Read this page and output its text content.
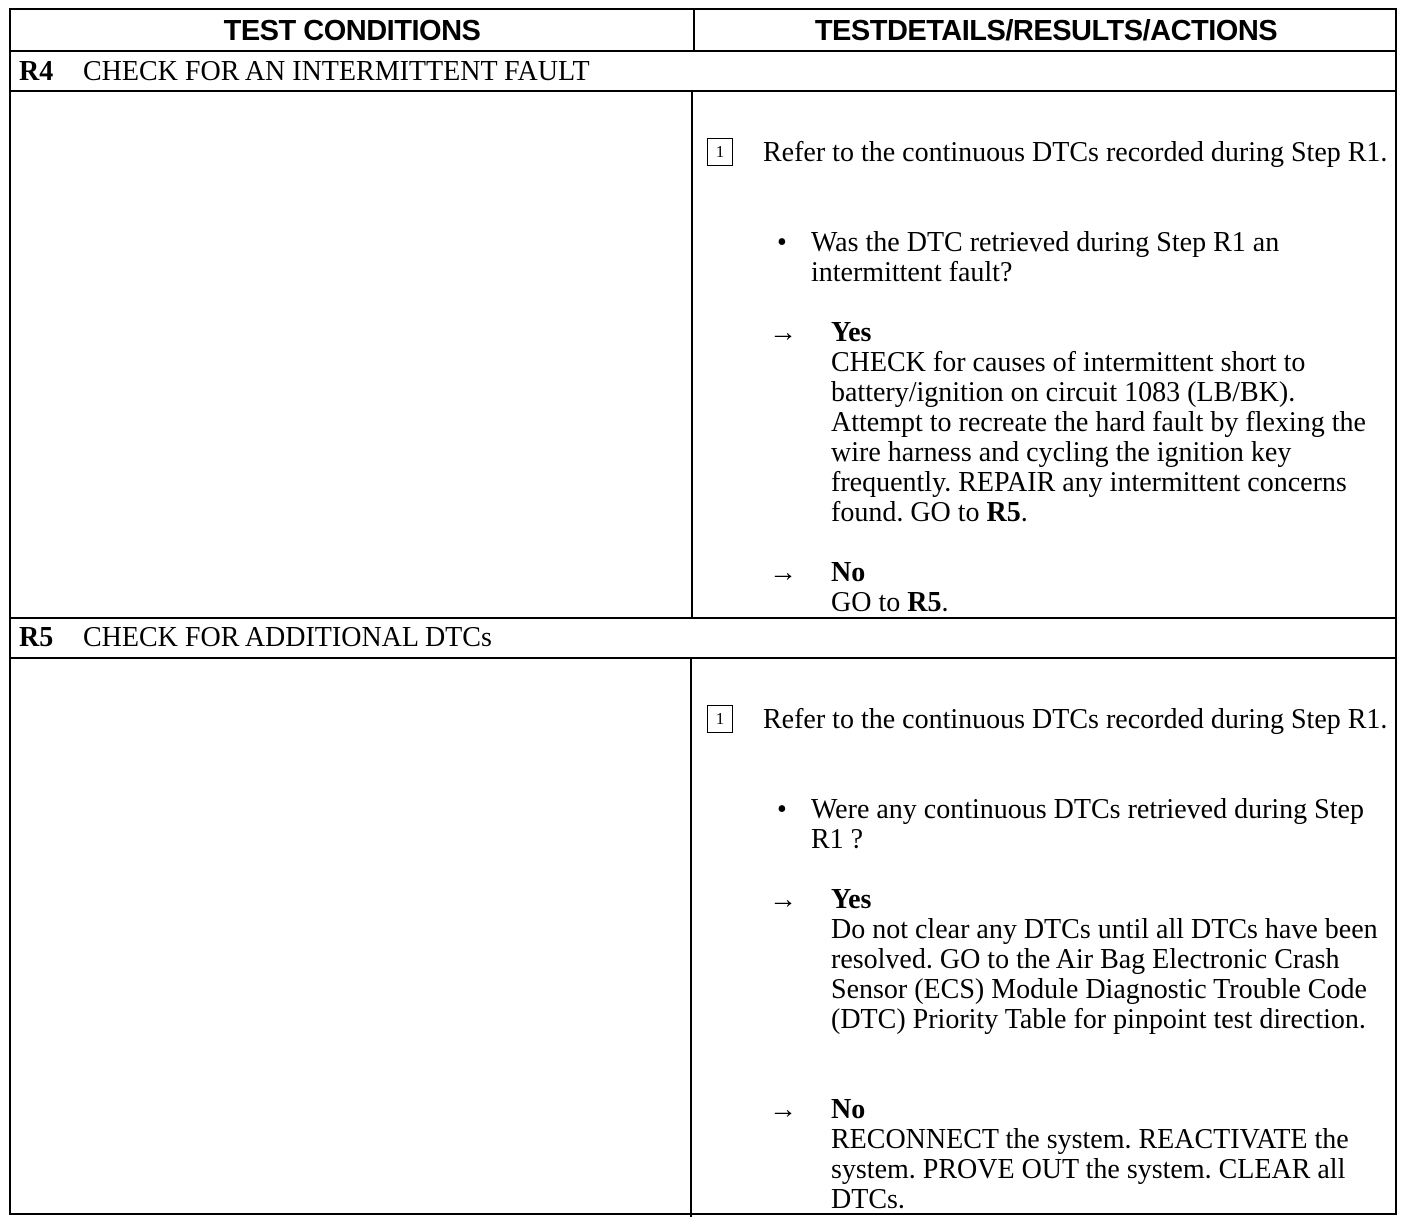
TEST CONDITIONS	TESTDETAILS/RESULTS/ACTIONS
R4	CHECK FOR AN INTERMITTENT FAULT
1	Refer to the continuous DTCs recorded during Step R1.
• Was the DTC retrieved during Step R1 an intermittent fault?
→ Yes
CHECK for causes of intermittent short to battery/ignition on circuit 1083 (LB/BK). Attempt to recreate the hard fault by flexing the wire harness and cycling the ignition key frequently. REPAIR any intermittent concerns found. GO to R5.
→ No
GO to R5.
R5	CHECK FOR ADDITIONAL DTCs
1	Refer to the continuous DTCs recorded during Step R1.
• Were any continuous DTCs retrieved during Step R1 ?
→ Yes
Do not clear any DTCs until all DTCs have been resolved. GO to the Air Bag Electronic Crash Sensor (ECS) Module Diagnostic Trouble Code (DTC) Priority Table for pinpoint test direction.
→ No
RECONNECT the system. REACTIVATE the system. PROVE OUT the system. CLEAR all DTCs.
